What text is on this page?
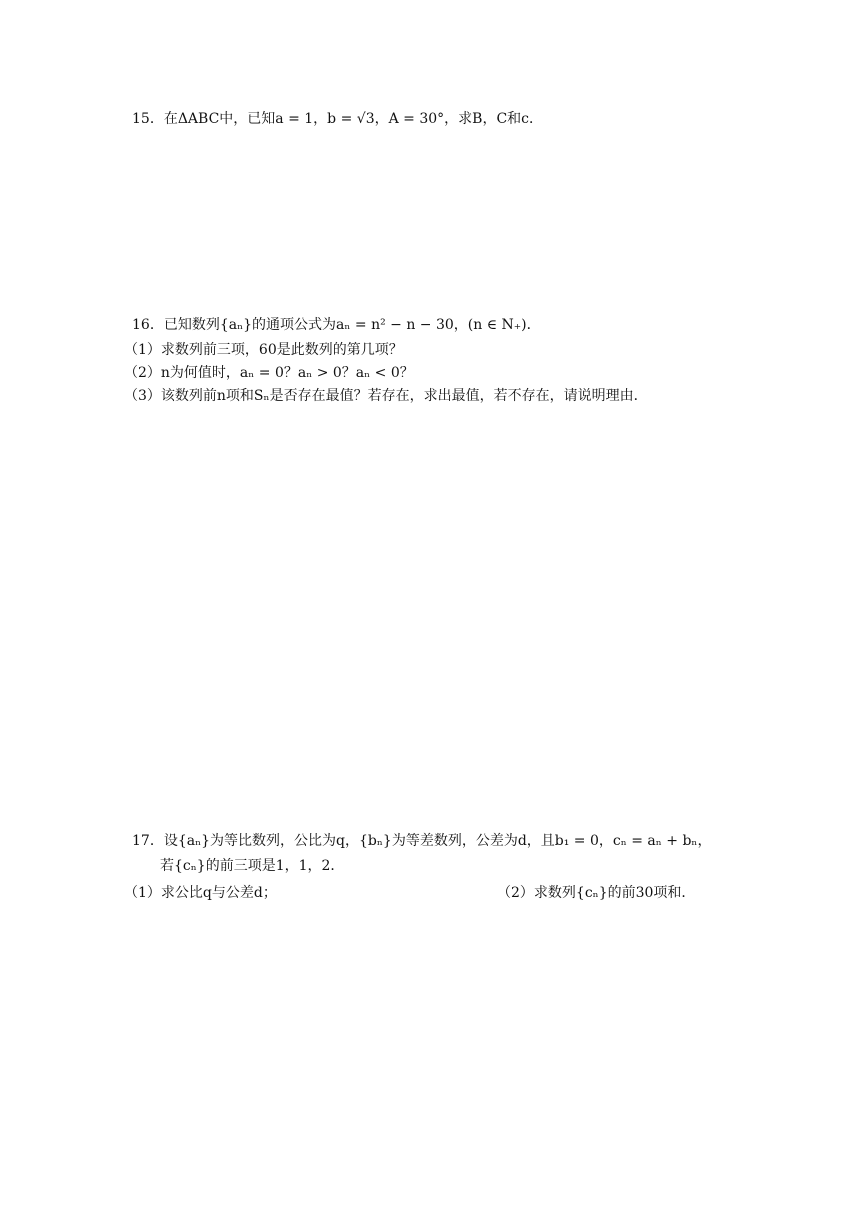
15．在ΔABC中，已知a = 1，b = √3，A = 30°，求B，C和c．
16．已知数列{aₙ}的通项公式为aₙ = n² − n − 30，(n ∈ N₊)．
（1）求数列前三项，60是此数列的第几项？
（2）n为何值时，aₙ = 0？aₙ > 0？aₙ < 0？
（3）该数列前n项和Sₙ是否存在最值？若存在，求出最值，若不存在，请说明理由．
17．设{aₙ}为等比数列，公比为q，{bₙ}为等差数列，公差为d，且b₁ = 0，cₙ = aₙ + bₙ，
若{cₙ}的前三项是1，1，2．
（1）求公比q与公差d；	（2）求数列{cₙ}的前30项和．
